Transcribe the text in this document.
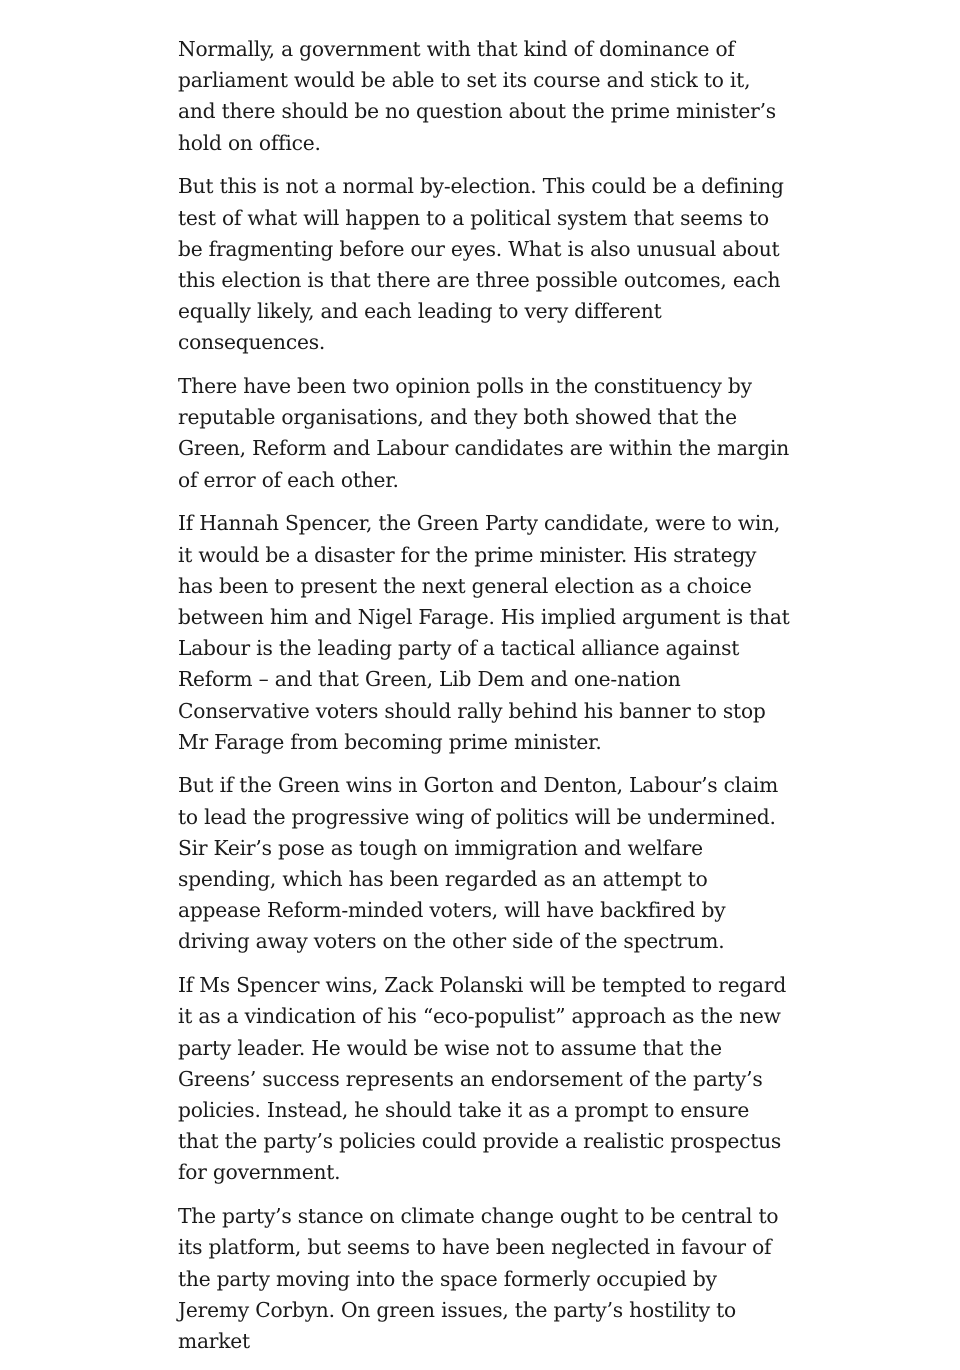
Normally, a government with that kind of dominance of parliament would be able to set its course and stick to it, and there should be no question about the prime minister’s hold on office.

But this is not a normal by-election. This could be a defining test of what will happen to a political system that seems to be fragmenting before our eyes. What is also unusual about this election is that there are three possible outcomes, each equally likely, and each leading to very different consequences.

There have been two opinion polls in the constituency by reputable organisations, and they both showed that the Green, Reform and Labour candidates are within the margin of error of each other.

If Hannah Spencer, the Green Party candidate, were to win, it would be a disaster for the prime minister. His strategy has been to present the next general election as a choice between him and Nigel Farage. His implied argument is that Labour is the leading party of a tactical alliance against Reform – and that Green, Lib Dem and one-nation Conservative voters should rally behind his banner to stop Mr Farage from becoming prime minister.

But if the Green wins in Gorton and Denton, Labour’s claim to lead the progressive wing of politics will be undermined. Sir Keir’s pose as tough on immigration and welfare spending, which has been regarded as an attempt to appease Reform-minded voters, will have backfired by driving away voters on the other side of the spectrum.

If Ms Spencer wins, Zack Polanski will be tempted to regard it as a vindication of his “eco-populist” approach as the new party leader. He would be wise not to assume that the Greens’ success represents an endorsement of the party’s policies. Instead, he should take it as a prompt to ensure that the party’s policies could provide a realistic prospectus for government.

The party’s stance on climate change ought to be central to its platform, but seems to have been neglected in favour of the party moving into the space formerly occupied by Jeremy Corbyn. On green issues, the party’s hostility to market
